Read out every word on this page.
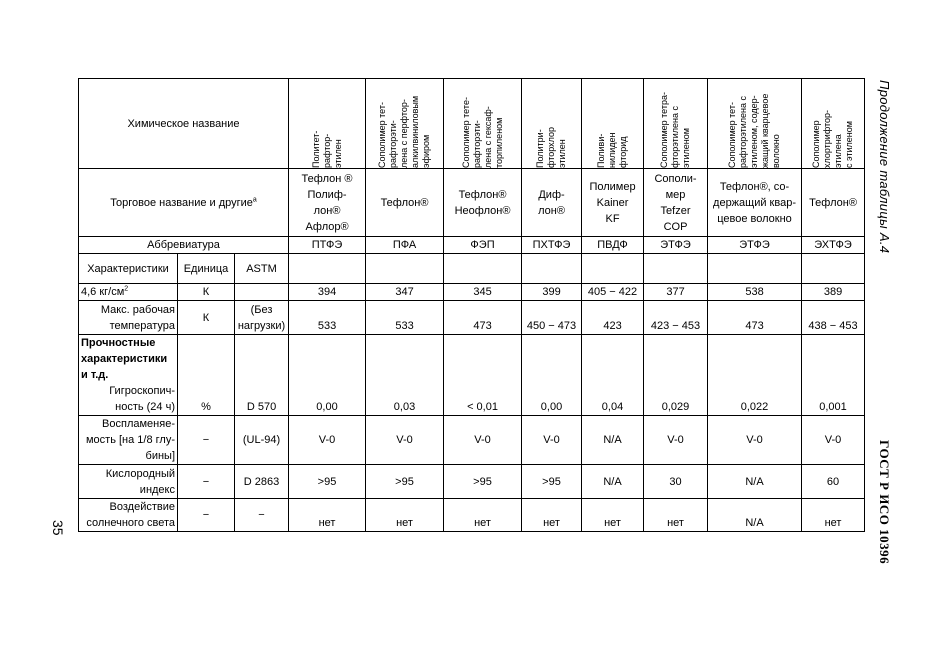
Химическое название			Политет-
рафтор-
этилен	Сополимер тет-
рафторэти-
лена с перфтор-
алкилвиниловым
эфиром	Сополимер тетe-
рафторэти-
лена с гексаф-
торпиленом	Политри-
фторхлор
этилен	Поливи-
нилиден
фторид	Сополимер тетра-
фторэтилена с
этиленом	Сополимер тет-
рафторэтилена с
этиленом, содер-
жащий кварцевое
волокно	Сополимер
хлортрифтор-
этилена
с этиленом

Торговое название и другие$^а$			Тефлон ®
Полиф-
лон®
Афлор®	Тефлон®	Тефлон®
Неофлон®	Диф-
лон®	Полимер
Kainer
KF	Сополи-
мер
Tefzer
COP	Тефлон®, со-
держащий квар-
цевое волокно	Тефлон®
Аббревиатура			ПТФЭ	ПФА	ФЭП	ПХТФЭ	ПВДФ	ЭТФЭ	ЭТФЭ	ЭХТФЭ
Характеристики	Единица	ASTM								
4,6 $кг/см^2$	К		394	347	345	399	405 − 422	377	538	389
Макс. рабочая
температура	К	(Без
нагрузки)	533	533	473	450 − 473	423	423 − 453	473	438 − 453

Прочностные
характеристики
и т.д.
Гигроскопич-
ность (24 ч)	%	D 570	0,00	0,03	< 0,01	0,00	0,04	0,029	0,022	0,001
Воспламеняе-
мость [на 1/8 глу-
бины]	−	(UL-94)	V-0	V-0	V-0	V-0	N/A	V-0	V-0	V-0
Кислородный
индекс	−	D 2863	>95	>95	>95	>95	N/A	30	N/A	60
Воздействие
солнечного света	−	−	нет	нет	нет	нет	нет	нет	N/A	нет
Продолжение таблицы А.4
ГОСТ Р ИСО 10396
35
